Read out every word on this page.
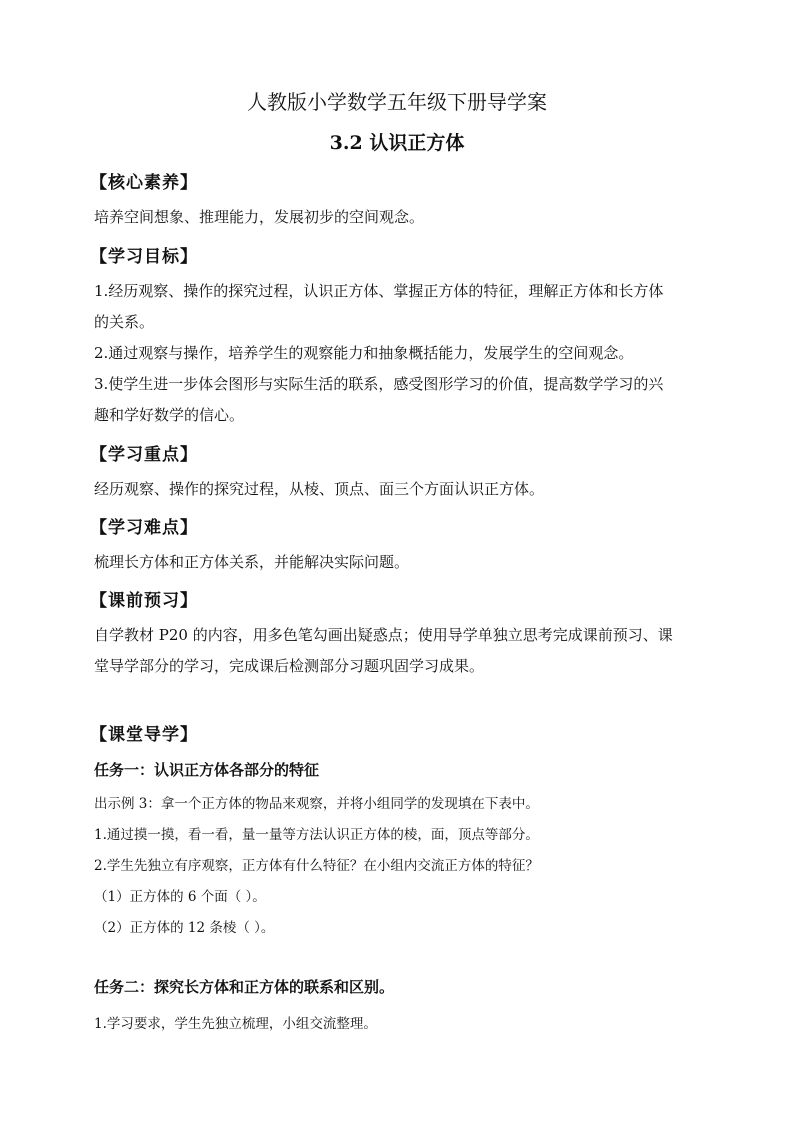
人教版小学数学五年级下册导学案
3.2 认识正方体
【核心素养】
培养空间想象、推理能力，发展初步的空间观念。
【学习目标】
1.经历观察、操作的探究过程，认识正方体、掌握正方体的特征，理解正方体和长方体
的关系。
2.通过观察与操作，培养学生的观察能力和抽象概括能力，发展学生的空间观念。
3.使学生进一步体会图形与实际生活的联系，感受图形学习的价值，提高数学学习的兴
趣和学好数学的信心。
【学习重点】
经历观察、操作的探究过程，从棱、顶点、面三个方面认识正方体。
【学习难点】
梳理长方体和正方体关系，并能解决实际问题。
【课前预习】
自学教材 P20 的内容，用多色笔勾画出疑惑点；使用导学单独立思考完成课前预习、课
堂导学部分的学习，完成课后检测部分习题巩固学习成果。
【课堂导学】
任务一：认识正方体各部分的特征
出示例 3：拿一个正方体的物品来观察，并将小组同学的发现填在下表中。
1.通过摸一摸，看一看，量一量等方法认识正方体的棱，面，顶点等部分。
2.学生先独立有序观察，正方体有什么特征？在小组内交流正方体的特征？
（1）正方体的 6 个面（ ）。
（2）正方体的 12 条棱（ ）。
任务二：探究长方体和正方体的联系和区别。
1.学习要求，学生先独立梳理，小组交流整理。
